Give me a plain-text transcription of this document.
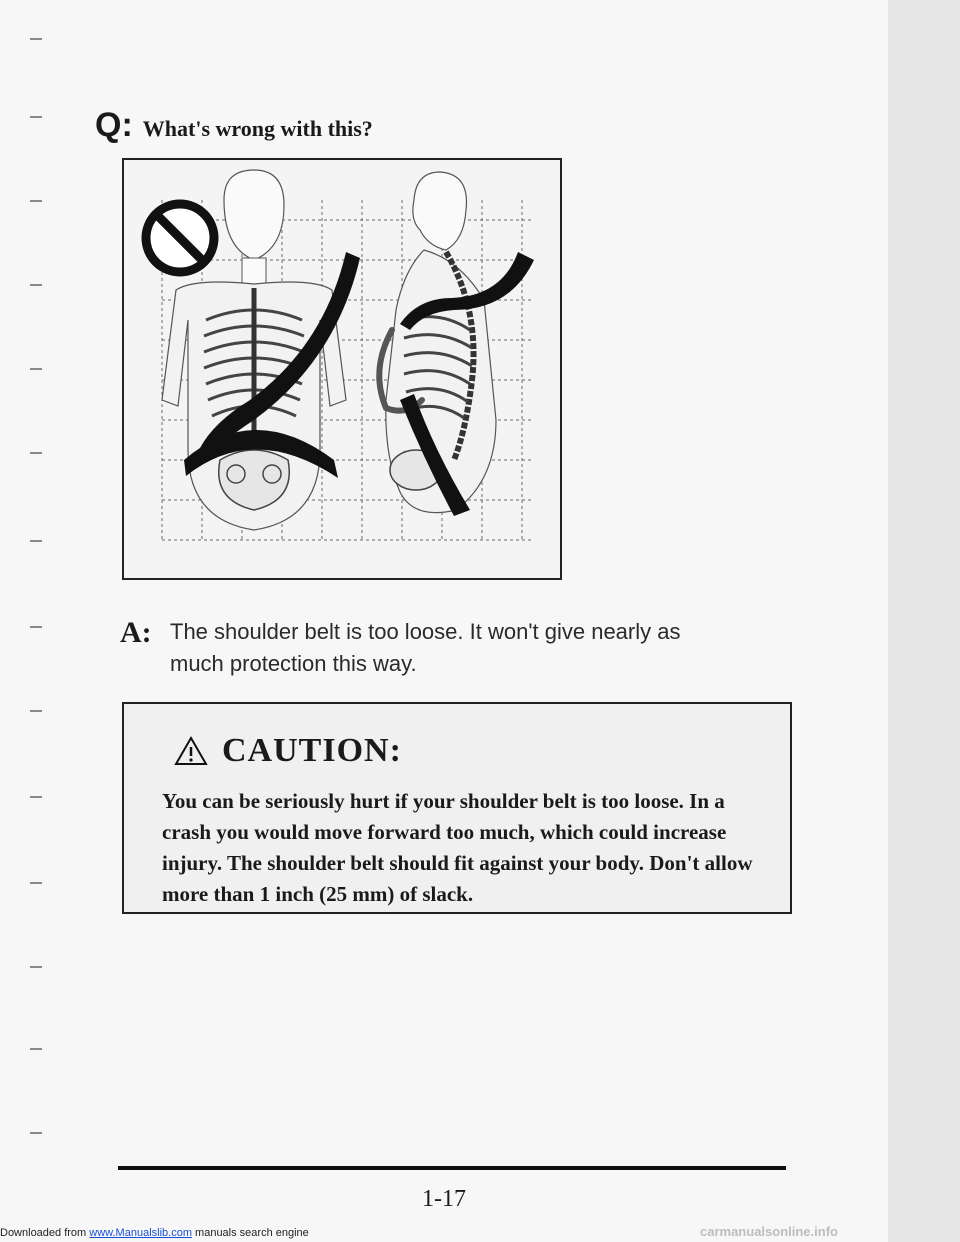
Q: What's wrong with this?
A: The shoulder belt is too loose. It won't give nearly as much protection this way.
CAUTION:
You can be seriously hurt if your shoulder belt is too loose. In a crash you would move forward too much, which could increase injury. The shoulder belt should fit against your body. Don't allow more than 1 inch (25 mm) of slack.
1-17
Downloaded from www.Manualslib.com manuals search engine	carmanualsonline.info
